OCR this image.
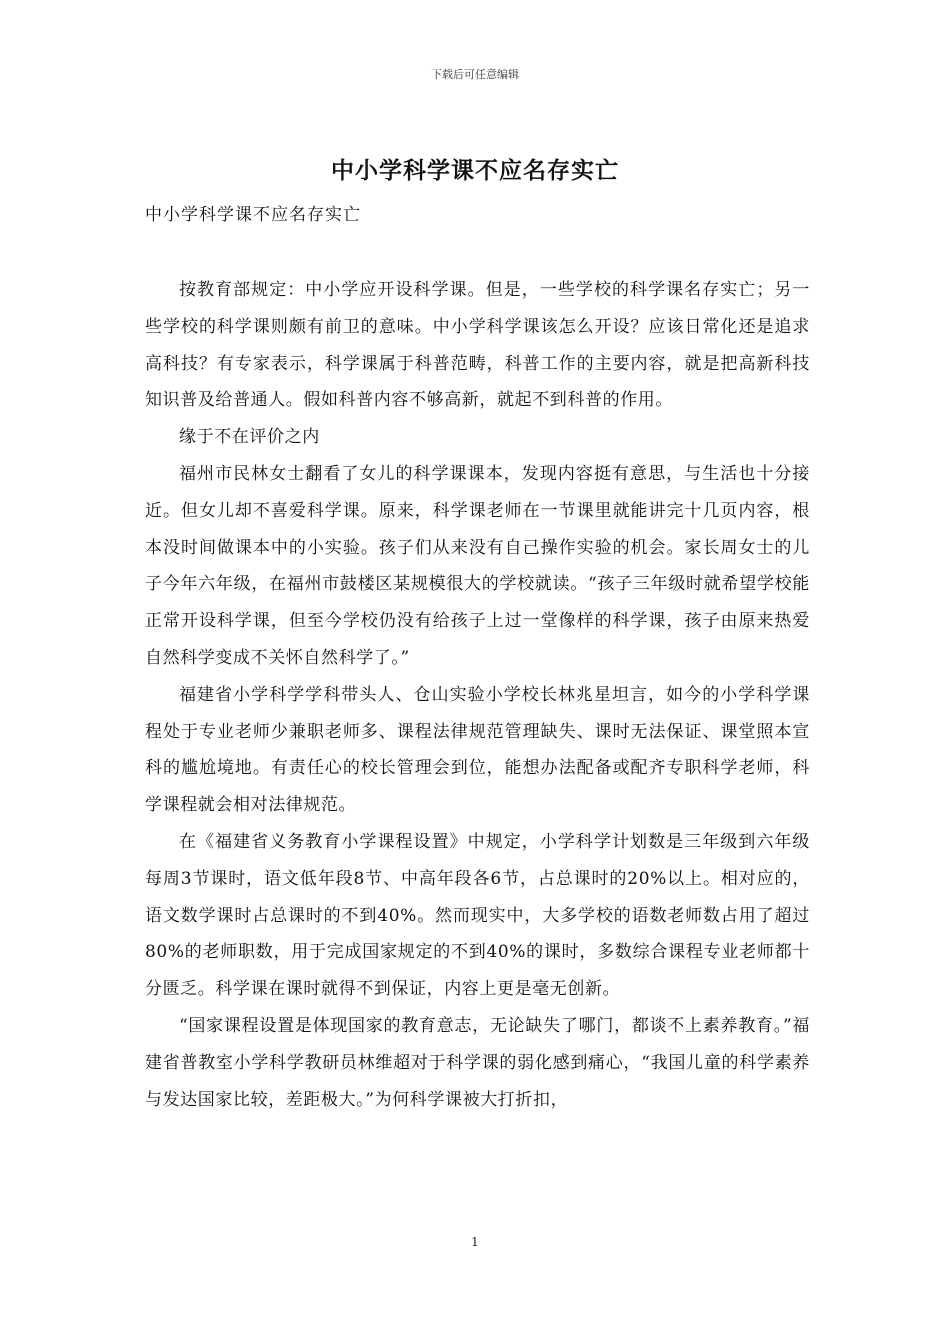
下载后可任意编辑
中小学科学课不应名存实亡
中小学科学课不应名存实亡

按教育部规定：中小学应开设科学课。但是，一些学校的科学课名存实亡；另一些学校的科学课则颇有前卫的意味。中小学科学课该怎么开设？应该日常化还是追求高科技？有专家表示，科学课属于科普范畴，科普工作的主要内容，就是把高新科技知识普及给普通人。假如科普内容不够高新，就起不到科普的作用。

缘于不在评价之内

福州市民林女士翻看了女儿的科学课课本，发现内容挺有意思，与生活也十分接近。但女儿却不喜爱科学课。原来，科学课老师在一节课里就能讲完十几页内容，根本没时间做课本中的小实验。孩子们从来没有自己操作实验的机会。家长周女士的儿子今年六年级，在福州市鼓楼区某规模很大的学校就读。“孩子三年级时就希望学校能正常开设科学课，但至今学校仍没有给孩子上过一堂像样的科学课，孩子由原来热爱自然科学变成不关怀自然科学了。”

福建省小学科学学科带头人、仓山实验小学校长林兆星坦言，如今的小学科学课程处于专业老师少兼职老师多、课程法律规范管理缺失、课时无法保证、课堂照本宣科的尴尬境地。有责任心的校长管理会到位，能想办法配备或配齐专职科学老师，科学课程就会相对法律规范。

在《福建省义务教育小学课程设置》中规定，小学科学计划数是三年级到六年级每周3节课时，语文低年段8节、中高年段各6节，占总课时的20%以上。相对应的，语文数学课时占总课时的不到40%。然而现实中，大多学校的语数老师数占用了超过80%的老师职数，用于完成国家规定的不到40%的课时，多数综合课程专业老师都十分匮乏。科学课在课时就得不到保证，内容上更是毫无创新。

“国家课程设置是体现国家的教育意志，无论缺失了哪门，都谈不上素养教育。”福建省普教室小学科学教研员林维超对于科学课的弱化感到痛心，“我国儿童的科学素养与发达国家比较，差距极大。”为何科学课被大打折扣，

1
